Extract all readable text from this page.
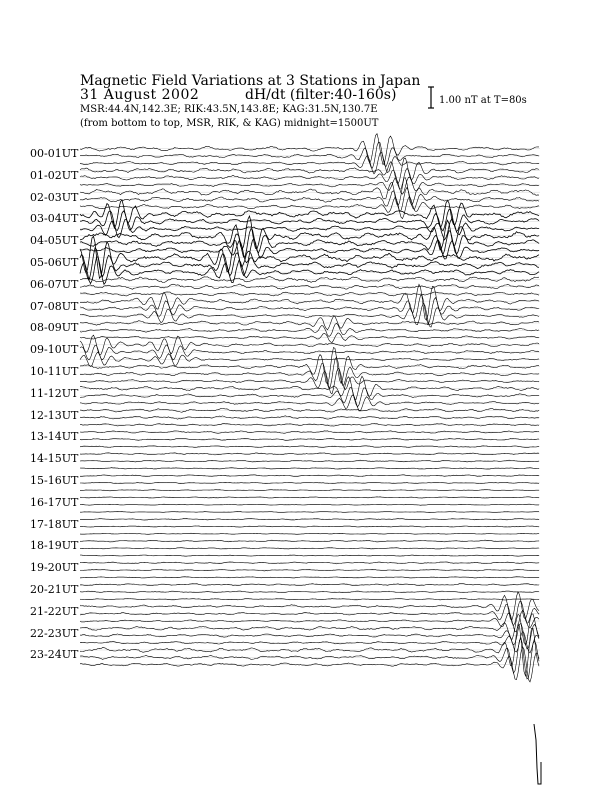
Magnetic Field Variations at 3 Stations in Japan
31 August 2002	dH/dt (filter:40-160s)
MSR:44.4N,142.3E; RIK:43.5N,143.8E; KAG:31.5N,130.7E
(from bottom to top, MSR, RIK, & KAG) midnight=1500UT
1.00 nT at T=80s
00-01UT
01-02UT
02-03UT
03-04UT
04-05UT
05-06UT
06-07UT
07-08UT
08-09UT
09-10UT
10-11UT
11-12UT
12-13UT
13-14UT
14-15UT
15-16UT
16-17UT
17-18UT
18-19UT
19-20UT
20-21UT
21-22UT
22-23UT
23-24UT
